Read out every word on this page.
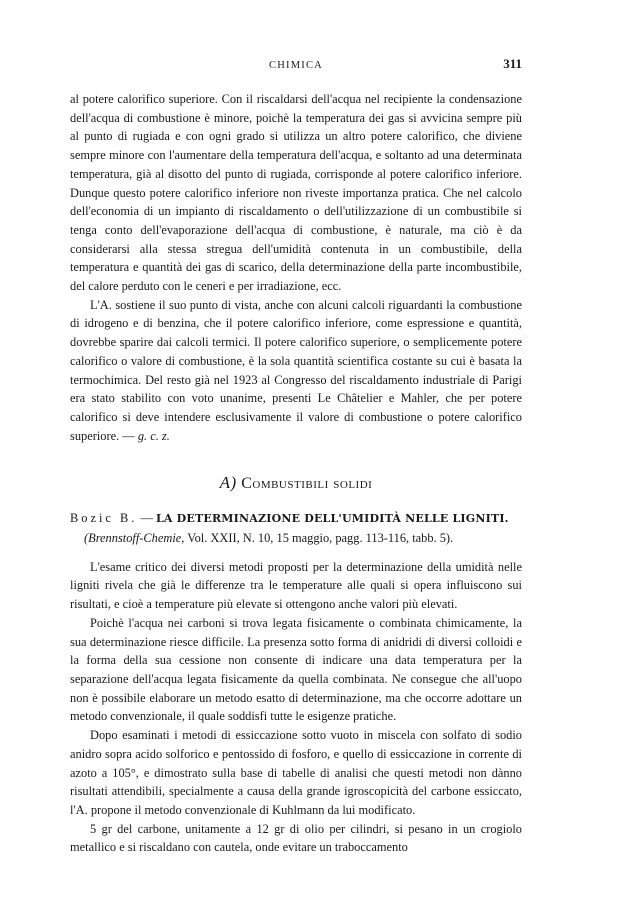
CHIMICA	311

al potere calorifico superiore. Con il riscaldarsi dell'acqua nel recipiente la condensazione dell'acqua di combustione è minore, poichè la temperatura dei gas si avvicina sempre più al punto di rugiada e con ogni grado si utilizza un altro potere calorifico, che diviene sempre minore con l'aumentare della temperatura dell'acqua, e soltanto ad una determinata temperatura, già al disotto del punto di rugiada, corrisponde al potere calorifico inferiore. Dunque questo potere calorifico inferiore non riveste importanza pratica. Che nel calcolo dell'economia di un impianto di riscaldamento o dell'utilizzazione di un combustibile si tenga conto dell'evaporazione dell'acqua di combustione, è naturale, ma ciò è da considerarsi alla stessa stregua dell'umidità contenuta in un combustibile, della temperatura e quantità dei gas di scarico, della determinazione della parte incombustibile, del calore perduto con le ceneri e per irradiazione, ecc.

L'A. sostiene il suo punto di vista, anche con alcuni calcoli riguardanti la combustione di idrogeno e di benzina, che il potere calorifico inferiore, come espressione e quantità, dovrebbe sparire dai calcoli termici. Il potere calorifico superiore, o semplicemente potere calorifico o valore di combustione, è la sola quantità scientifica costante su cui è basata la termochimica. Del resto già nel 1923 al Congresso del riscaldamento industriale di Parigi era stato stabilito con voto unanime, presenti Le Châtelier e Mahler, che per potere calorifico si deve intendere esclusivamente il valore di combustione o potere calorifico superiore. — g. c. z.

A) Combustibili solidi
Bozic B. — LA DETERMINAZIONE DELL'UMIDITÀ NELLE LIGNITI.
(Brennstoff-Chemie, Vol. XXII, N. 10, 15 maggio, pagg. 113-116, tabb. 5).

L'esame critico dei diversi metodi proposti per la determinazione della umidità nelle ligniti rivela che già le differenze tra le temperature alle quali si opera influiscono sui risultati, e cioè a temperature più elevate si ottengono anche valori più elevati.

Poichè l'acqua nei carboni si trova legata fisicamente o combinata chimicamente, la sua determinazione riesce difficile. La presenza sotto forma di anidridi di diversi colloidi e la forma della sua cessione non consente di indicare una data temperatura per la separazione dell'acqua legata fisicamente da quella combinata. Ne consegue che all'uopo non è possibile elaborare un metodo esatto di determinazione, ma che occorre adottare un metodo convenzionale, il quale soddisfi tutte le esigenze pratiche.

Dopo esaminati i metodi di essiccazione sotto vuoto in miscela con solfato di sodio anidro sopra acido solforico e pentossido di fosforo, e quello di essiccazione in corrente di azoto a 105°, e dimostrato sulla base di tabelle di analisi che questi metodi non dànno risultati attendibili, specialmente a causa della grande igroscopicità del carbone essiccato, l'A. propone il metodo convenzionale di Kuhlmann da lui modificato.

5 gr del carbone, unitamente a 12 gr di olio per cilindri, si pesano in un crogiolo metallico e si riscaldano con cautela, onde evitare un traboccamento
